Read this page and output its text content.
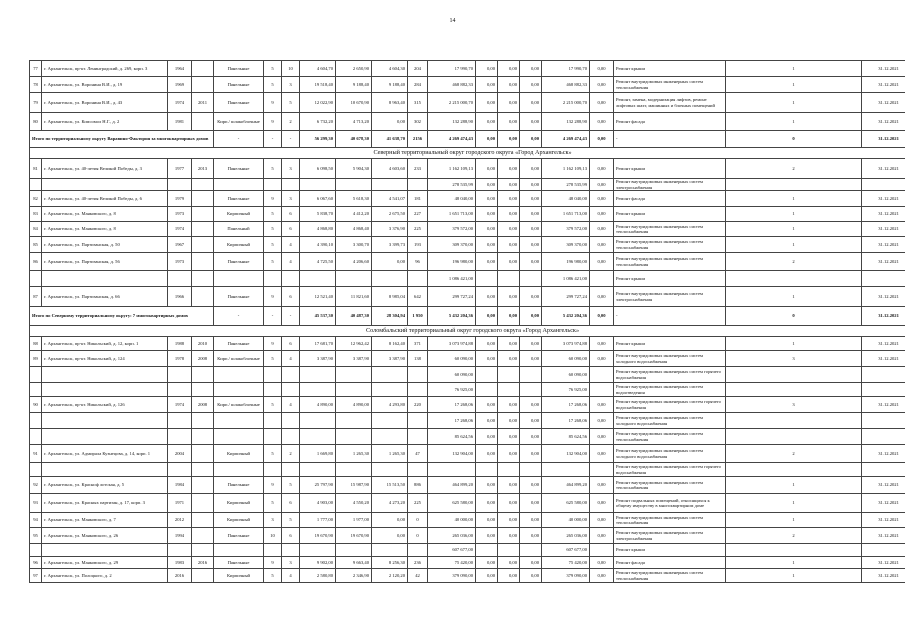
14
77	г. Архангельск, пр-кт. Ленинградский, д. 269, корп. 3	1964		Панельные	5	10	4 604,70	2 650,90	4 604,30	204	17 990,70	0,00	0,00	0,00	17 990,70	0,00	Ремонт крыши	1	31.12.2021
78	г. Архангельск, ул. Воронина В.И., д. 19	1969		Панельные	5	3	19 518,40	9 188,40	9 188,40	284	468 882,33	0,00	0,00	0,00	468 882,33	0,00	Ремонт внутридомовых инженерных систем теплоснабжения	1	31.12.2021
79	г. Архангельск, ул. Воронина В.И., д. 43	1974	2011	Панельные	9	5	12 022,90	10 670,90	8 963,40	315	2 215 000,70	0,00	0,00	0,00	2 215 000,70	0,00	Ремонт, замена, модернизация лифтов, ремонт лифтовых шахт, машинных и блочных помещений	1	31.12.2021
80	г. Архангельск, ул. Комсомол Н.Г., д. 2	1981		Кирп./ шлакоблочные	9	2	6 732,20	4 713,20	0,00	302	132 288,90	0,00	0,00	0,00	132 288,90	0,00	Ремонт фасада	1	31.12.2021
Итого по территориальному округу Варавино-Фактория за многоквартирных домов				-	-	-	56 299,30	40 678,30	41 638,70	2156	4 269 474,43	0,00	0,00	0,00	4 269 474,43	0,00	-	0	31.12.2021
Северный территориальный округ городского округа «Город Архангельск»																			
81	г. Архангельск, ул. 40-летия Великой Победы, д. 3	1977	2013	Панельные	5	3	6 098,50	5 904,30	4 603,60	233	1 162 109,13	0,00	0,00	0,00	1 162 109,13	0,00	Ремонт крыши	2	31.12.2021
											278 535,99	0,00	0,00	0,00	278 535,99	0,00	Ремонт внутридомовых инженерных систем электроснабжения		
82	г. Архангельск, ул. 40-летия Великой Победы, д. 6	1979		Панельные	9	3	6 067,60	5 618,30	4 541,07	181	48 040,00	0,00	0,00	0,00	48 040,00	0,00	Ремонт фасада	1	31.12.2021
83	г. Архангельск, ул. Маяковского, д. 8	1973		Кирпичный	5	6	5 838,70	4 412,20	2 675,50	227	1 651 713,00	0,00	0,00	0,00	1 651 713,00	0,00	Ремонт крыши	1	31.12.2021
84	г. Архангельск, ул. Маяковского, д. 8	1974		Панельный	5	6	4 868,80	4 868,40	3 376,90	225	379 572,00	0,00	0,00	0,00	379 572,00	0,00	Ремонт внутридомовых инженерных систем теплоснабжения	1	31.12.2021
85	г. Архангельск, ул. Партизанская, д. 50	1967		Кирпичный	5	4	4 390,10	3 300,70	3 399,73	193	309 370,00	0,00	0,00	0,00	309 370,00	0,00	Ремонт внутридомовых инженерных систем теплоснабжения	1	31.12.2021
86	г. Архангельск, ул. Партизанская, д. 56	1973		Панельные	5	4	4 725,50	4 206,60	0,00	96	196 980,00	0,00	0,00	0,00	196 980,00	0,00	Ремонт внутридомовых инженерных систем теплоснабжения	2	31.12.2021
											1 086 421,00				1 086 421,00		Ремонт крыши		
87	г. Архангельск, ул. Партизанская, д. 66	1966		Панельные	9	6	12 521,40	11 821,60	8 985,04	642	299 727,24	0,00	0,00	0,00	299 727,24	0,00	Ремонт внутридомовых инженерных систем электроснабжения	1	31.12.2021
Итого по Северному территориальному округу: 7 многоквартирных домов				-	-	-	45 537,30	40 487,30	28 304,94	1 950	5 432 204,36	0,00	0,00	0,00	5 432 204,36	0,00	-	0	31.12.2021
Соломбальский территориальный округ городского округа «Город Архангельск»																			
88	г. Архангельск, пр-кт. Никольский, д. 12, корп. 1	1988	2010	Панельные	9	6	17 681,70	12 962,42	8 162,40	371	3 073 974,88	0,00	0,00	0,00	3 073 974,88	0,00	Ремонт крыши	1	31.12.2021
89	г. Архангельск, пр-кт. Никольский, д. 124	1978	2008	Кирп./ шлакоблочные	5	4	3 387,90	3 387,90	3 387,90	138	60 090,00	0,00	0,00	0,00	60 090,00	0,00	Ремонт внутридомовых инженерных систем холодного водоснабжения	3	31.12.2021
											60 090,00				60 090,00		Ремонт внутридомовых инженерных систем горячего водоснабжения		
											76 925,00				76 925,00		Ремонт внутридомовых инженерных систем водоотведения		
90	г. Архангельск, пр-кт. Никольский, д. 126	1974	2008	Кирп./ шлакоблочные	5	4	4 890,00	4 890,00	4 293,80	220	17 268,06	0,00	0,00	0,00	17 268,06	0,00	Ремонт внутридомовых инженерных систем горячего водоснабжения	3	31.12.2021
											17 268,06	0,00	0,00	0,00	17 268,06	0,00	Ремонт внутридомовых инженерных систем холодного водоснабжения		
											85 624,56	0,00	0,00	0,00	85 624,56	0,00	Ремонт внутридомовых инженерных систем теплоснабжения		
91	г. Архангельск, ул. Адмирала Кузнецова, д. 14, корп. 1	2004		Кирпичный	5	2	1 669,80	1 265,30	1 265,30	47	132 904,00	0,00	0,00	0,00	132 904,00	0,00	Ремонт внутридомовых инженерных систем холодного водоснабжения	2	31.12.2021
																	Ремонт внутридомовых инженерных систем горячего водоснабжения		
92	г. Архангельск, ул. Красноф лотская, д. 5	1984		Панельные	9	5	25 797,90	15 987,90	15 513,50	886	464 899,20	0,00	0,00	0,00	464 899,20	0,00	Ремонт внутридомовых инженерных систем теплоснабжения	1	31.12.2021
93	г. Архангельск, ул. Красных партизан, д. 17, корп. 3	1971		Кирпичный	5	6	4 903,00	4 550,20	4 273,20	225	625 580,00	0,00	0,00	0,00	625 580,00	0,00	Ремонт подвальных помещений, относящихся к общему имуществу в многоквартирном доме	1	31.12.2021
94	г. Архангельск, ул. Маяковского, д. 7	2012		Кирпичный	3	5	1 777,00	1 977,00	0,00	0	40 000,00	0,00	0,00	0,00	40 000,00	0,00	Ремонт внутридомовых инженерных систем теплоснабжения	1	31.12.2021
95	г. Архангельск, ул. Маяковского, д. 26	1994		Панельные	10	6	19 670,90	19 670,90	0,00	0	265 036,00	0,00	0,00	0,00	265 036,00	0,00	Ремонт внутридомовых инженерных систем электроснабжения	2	31.12.2021
											607 677,00				607 677,00		Ремонт крыши		
96	г. Архангельск, ул. Маяковского, д. 29	1983	2016	Панельные	9	3	9 902,00	9 663,40	8 256,30	236	75 420,00	0,00	0,00	0,00	75 420,00	0,00	Ремонт фасада	1	31.12.2021
97	г. Архангельск, ул. Полоцкого, д. 2	2016		Кирпичный	5	4	2 580,80	2 346,90	2 120,20	42	379 090,00	0,00	0,00	0,00	379 090,00	0,00	Ремонт внутридомовых инженерных систем теплоснабжения	1	31.12.2021
